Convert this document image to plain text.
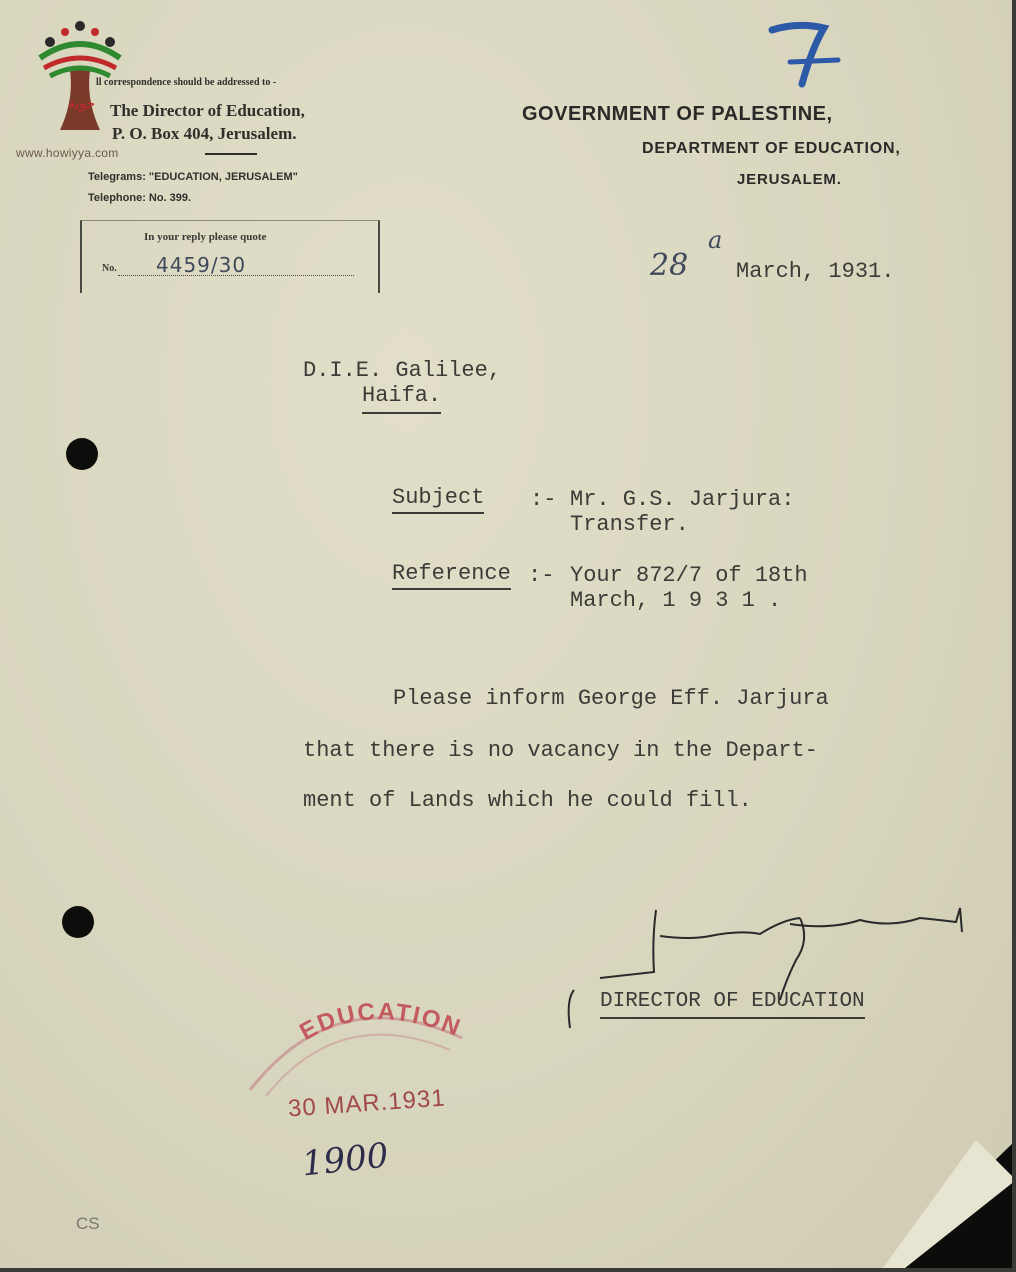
حوية
www.howiyya.com
ll correspondence should be addressed to -
The Director of Education,
P. O. Box 404, Jerusalem.
Telegrams: "EDUCATION, JERUSALEM"
Telephone: No. 399.
In your reply please quote
No. 4459/30
GOVERNMENT OF PALESTINE,
DEPARTMENT OF EDUCATION,
JERUSALEM.
7
28
a
March, 1931.
D.I.E. Galilee,
Haifa.
Subject :- Mr. G.S. Jarjura:
Transfer.
Reference :- Your 872/7 of 18th
March, 1 9 3 1 .
Please inform George Eff. Jarjura
that there is no vacancy in the Depart-
ment of Lands which he could fill.
DIRECTOR OF EDUCATION
EDUCATION
30 MAR.1931
1900
CS
